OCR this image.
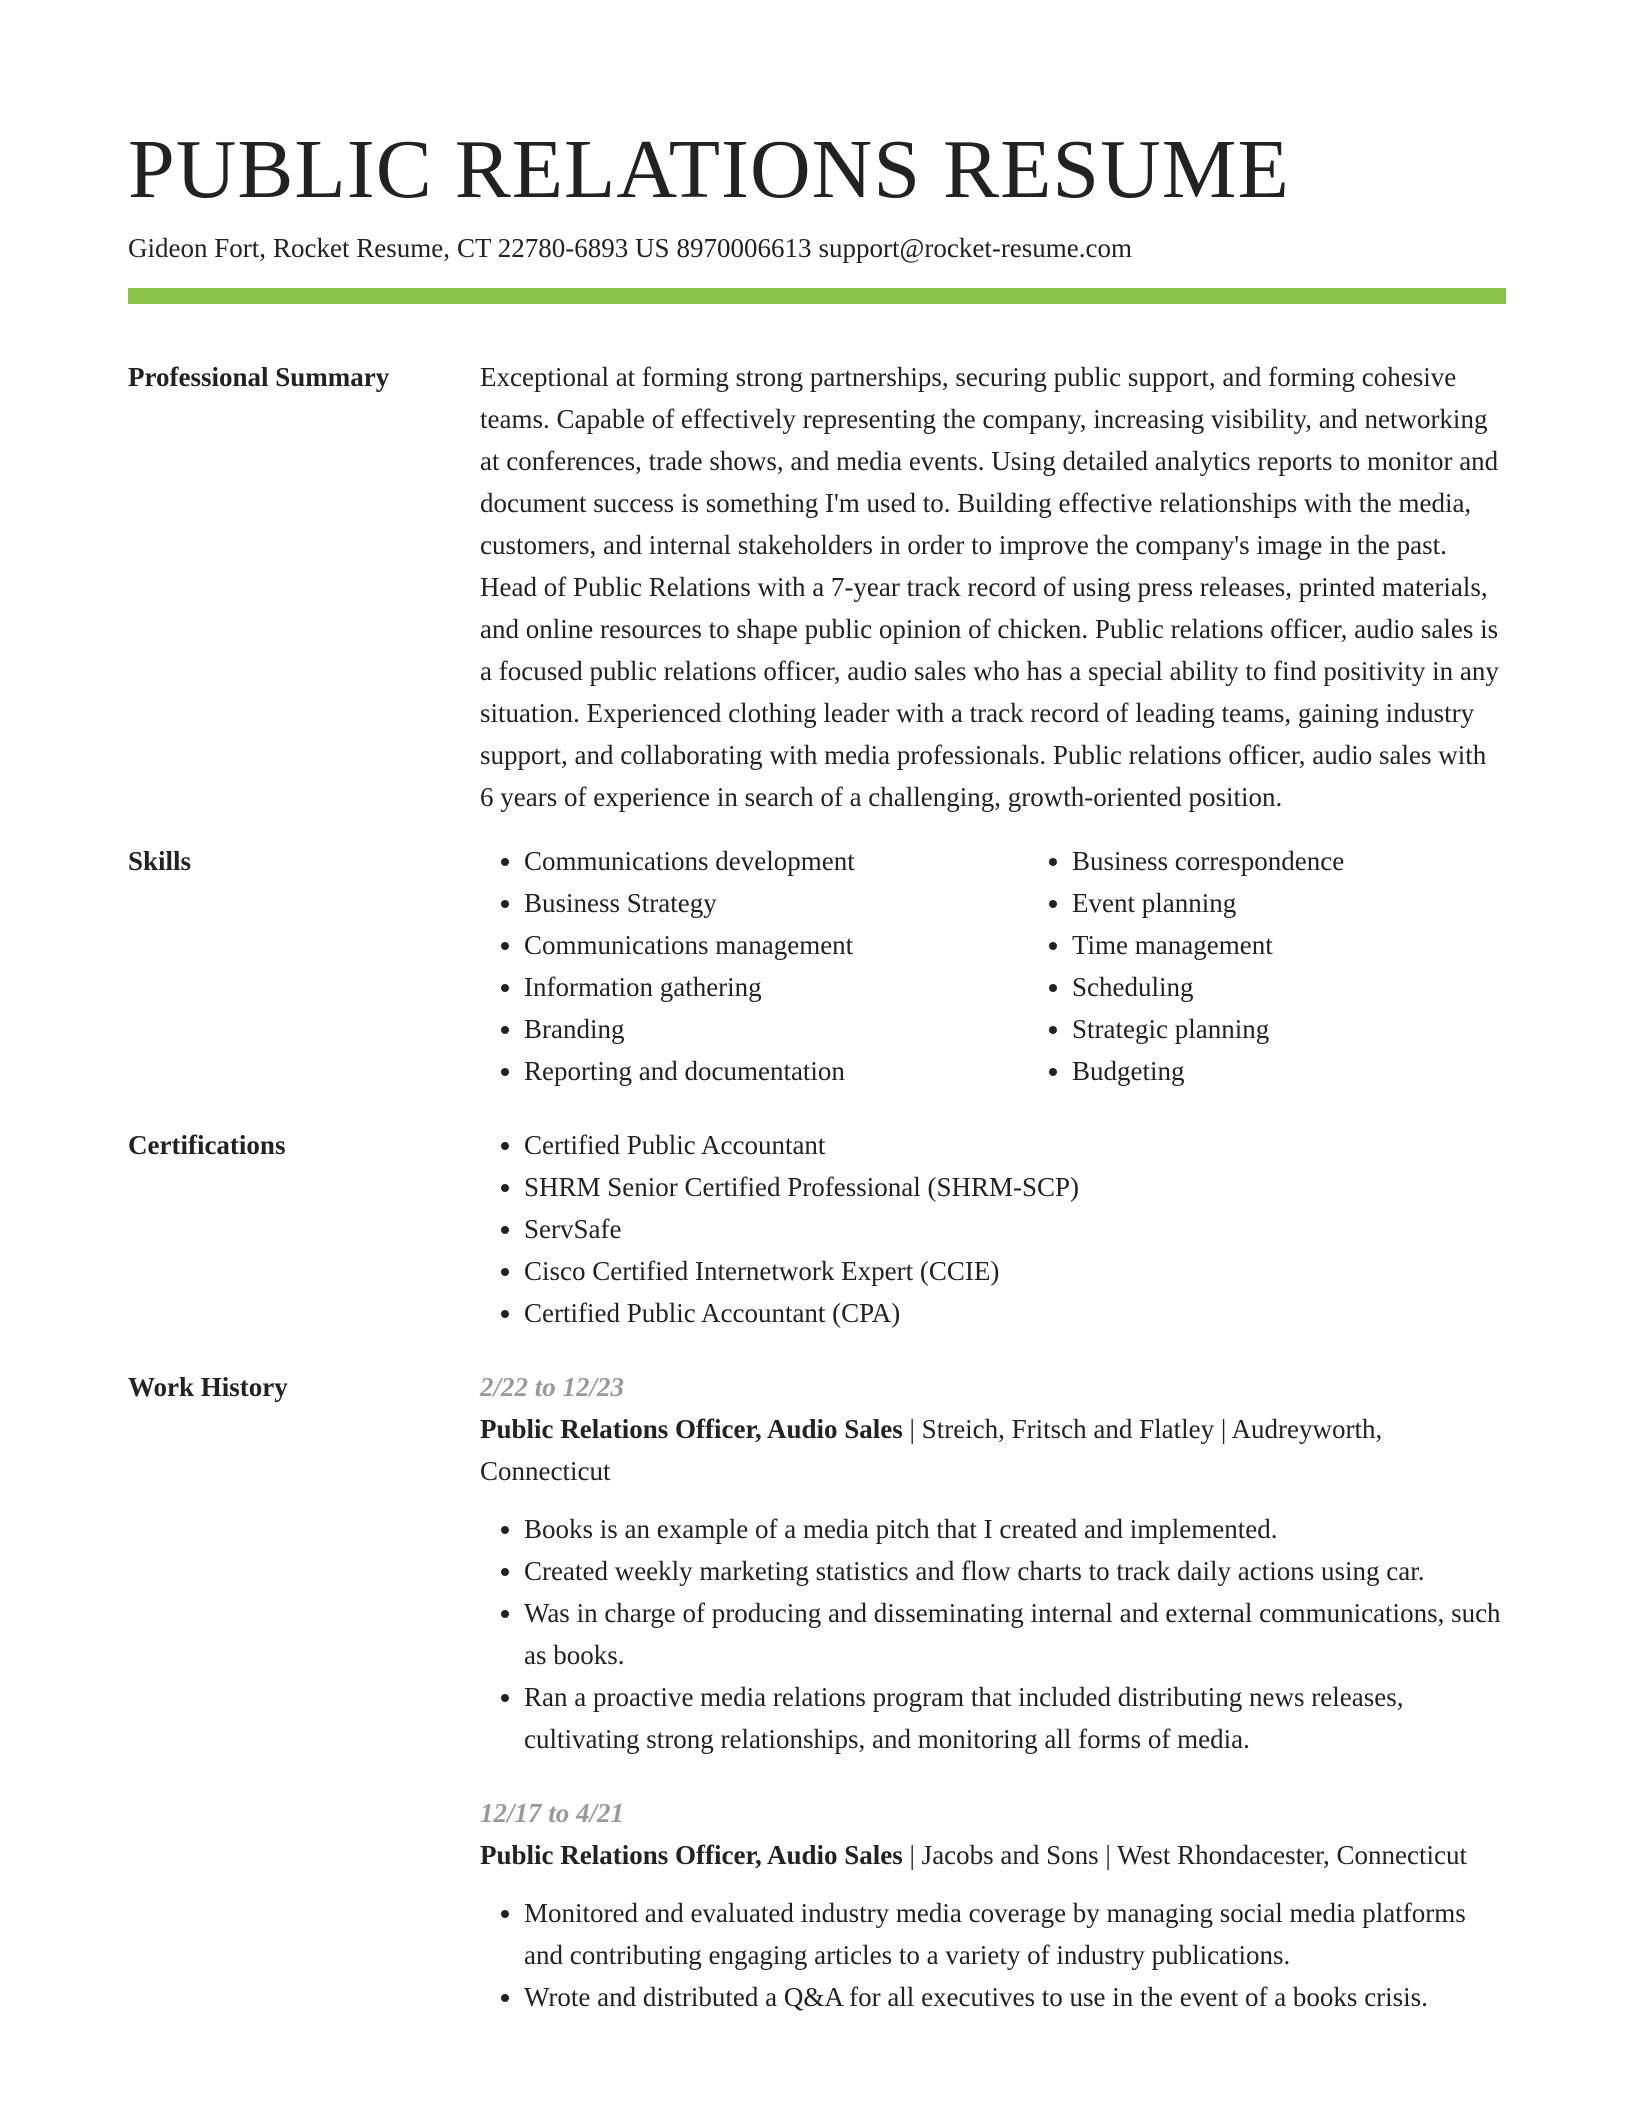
PUBLIC RELATIONS RESUME
Gideon Fort, Rocket Resume, CT 22780-6893 US 8970006613 support@rocket-resume.com
Professional Summary	Exceptional at forming strong partnerships, securing public support, and forming cohesive teams. Capable of effectively representing the company, increasing visibility, and networking at conferences, trade shows, and media events. Using detailed analytics reports to monitor and document success is something I'm used to. Building effective relationships with the media, customers, and internal stakeholders in order to improve the company's image in the past. Head of Public Relations with a 7-year track record of using press releases, printed materials, and online resources to shape public opinion of chicken. Public relations officer, audio sales is a focused public relations officer, audio sales who has a special ability to find positivity in any situation. Experienced clothing leader with a track record of leading teams, gaining industry support, and collaborating with media professionals. Public relations officer, audio sales with 6 years of experience in search of a challenging, growth-oriented position.

Skills	• Communications development
• Business Strategy
• Communications management
• Information gathering
• Branding
• Reporting and documentation
• Business correspondence
• Event planning
• Time management
• Scheduling
• Strategic planning
• Budgeting
Certifications	• Certified Public Accountant
• SHRM Senior Certified Professional (SHRM-SCP)
• ServSafe
• Cisco Certified Internetwork Expert (CCIE)
• Certified Public Accountant (CPA)
Work History	2/22 to 12/23
Public Relations Officer, Audio Sales | Streich, Fritsch and Flatley | Audreyworth, Connecticut
• Books is an example of a media pitch that I created and implemented.
• Created weekly marketing statistics and flow charts to track daily actions using car.
• Was in charge of producing and disseminating internal and external communications, such as books.
• Ran a proactive media relations program that included distributing news releases, cultivating strong relationships, and monitoring all forms of media.
12/17 to 4/21
Public Relations Officer, Audio Sales | Jacobs and Sons | West Rhondacester, Connecticut
• Monitored and evaluated industry media coverage by managing social media platforms and contributing engaging articles to a variety of industry publications.
• Wrote and distributed a Q&A for all executives to use in the event of a books crisis.
